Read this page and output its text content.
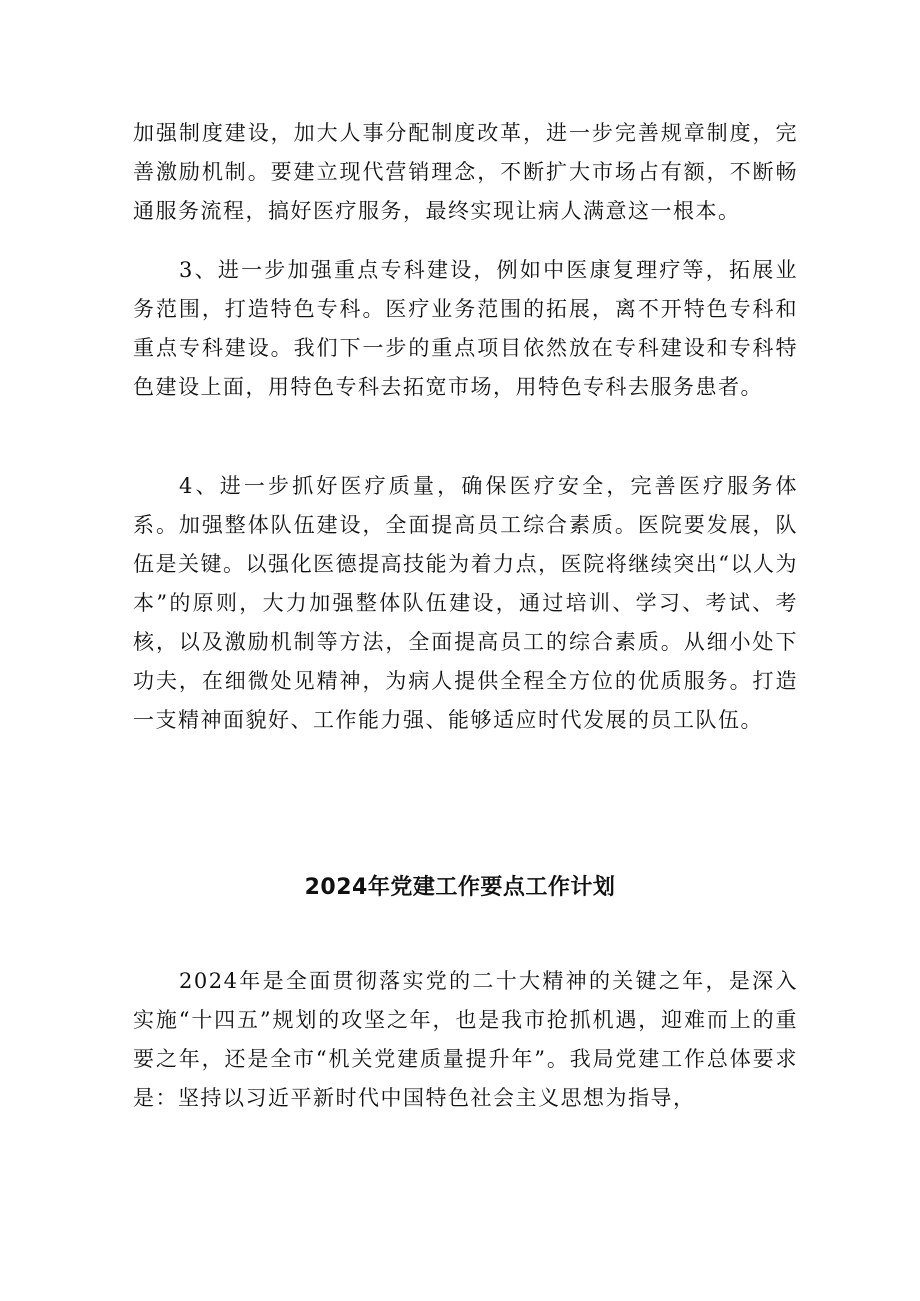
加强制度建设，加大人事分配制度改革，进一步完善规章制度，完善激励机制。要建立现代营销理念，不断扩大市场占有额，不断畅通服务流程，搞好医疗服务，最终实现让病人满意这一根本。

3、进一步加强重点专科建设，例如中医康复理疗等，拓展业务范围，打造特色专科。医疗业务范围的拓展，离不开特色专科和重点专科建设。我们下一步的重点项目依然放在专科建设和专科特色建设上面，用特色专科去拓宽市场，用特色专科去服务患者。

4、进一步抓好医疗质量，确保医疗安全，完善医疗服务体系。加强整体队伍建设，全面提高员工综合素质。医院要发展，队伍是关键。以强化医德提高技能为着力点，医院将继续突出“以人为本”的原则，大力加强整体队伍建设，通过培训、学习、考试、考核，以及激励机制等方法，全面提高员工的综合素质。从细小处下功夫，在细微处见精神，为病人提供全程全方位的优质服务。打造一支精神面貌好、工作能力强、能够适应时代发展的员工队伍。

2024年党建工作要点工作计划

2024年是全面贯彻落实党的二十大精神的关键之年，是深入实施“十四五”规划的攻坚之年，也是我市抢抓机遇，迎难而上的重要之年，还是全市“机关党建质量提升年”。我局党建工作总体要求是：坚持以习近平新时代中国特色社会主义思想为指导，
